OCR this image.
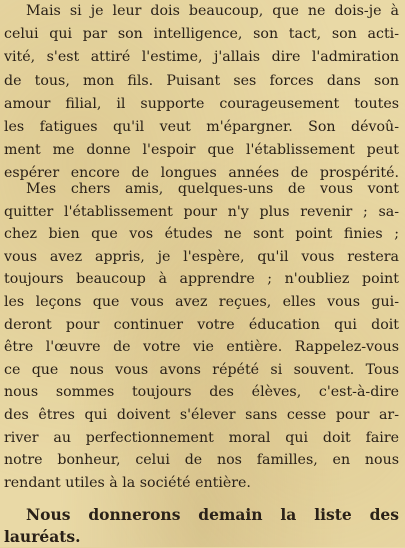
Mais si je leur dois beaucoup, que ne dois-je à
celui qui par son intelligence, son tact, son acti-
vité, s'est attiré l'estime, j'allais dire l'admiration
de tous, mon fils. Puisant ses forces dans son
amour filial, il supporte courageusement toutes
les fatigues qu'il veut m'épargner. Son dévoû-
ment me donne l'espoir que l'établissement peut
espérer encore de longues années de prospérité.
Mes chers amis, quelques-uns de vous vont
quitter l'établissement pour n'y plus revenir ; sa-
chez bien que vos études ne sont point finies ;
vous avez appris, je l'espère, qu'il vous restera
toujours beaucoup à apprendre ; n'oubliez point
les leçons que vous avez reçues, elles vous gui-
deront pour continuer votre éducation qui doit
être l'œuvre de votre vie entière. Rappelez-vous
ce que nous vous avons répété si souvent. Tous
nous sommes toujours des élèves, c'est-à-dire
des êtres qui doivent s'élever sans cesse pour ar-
river au perfectionnement moral qui doit faire
notre bonheur, celui de nos familles, en nous
rendant utiles à la société entière.
Nous donnerons demain la liste des
lauréats.
